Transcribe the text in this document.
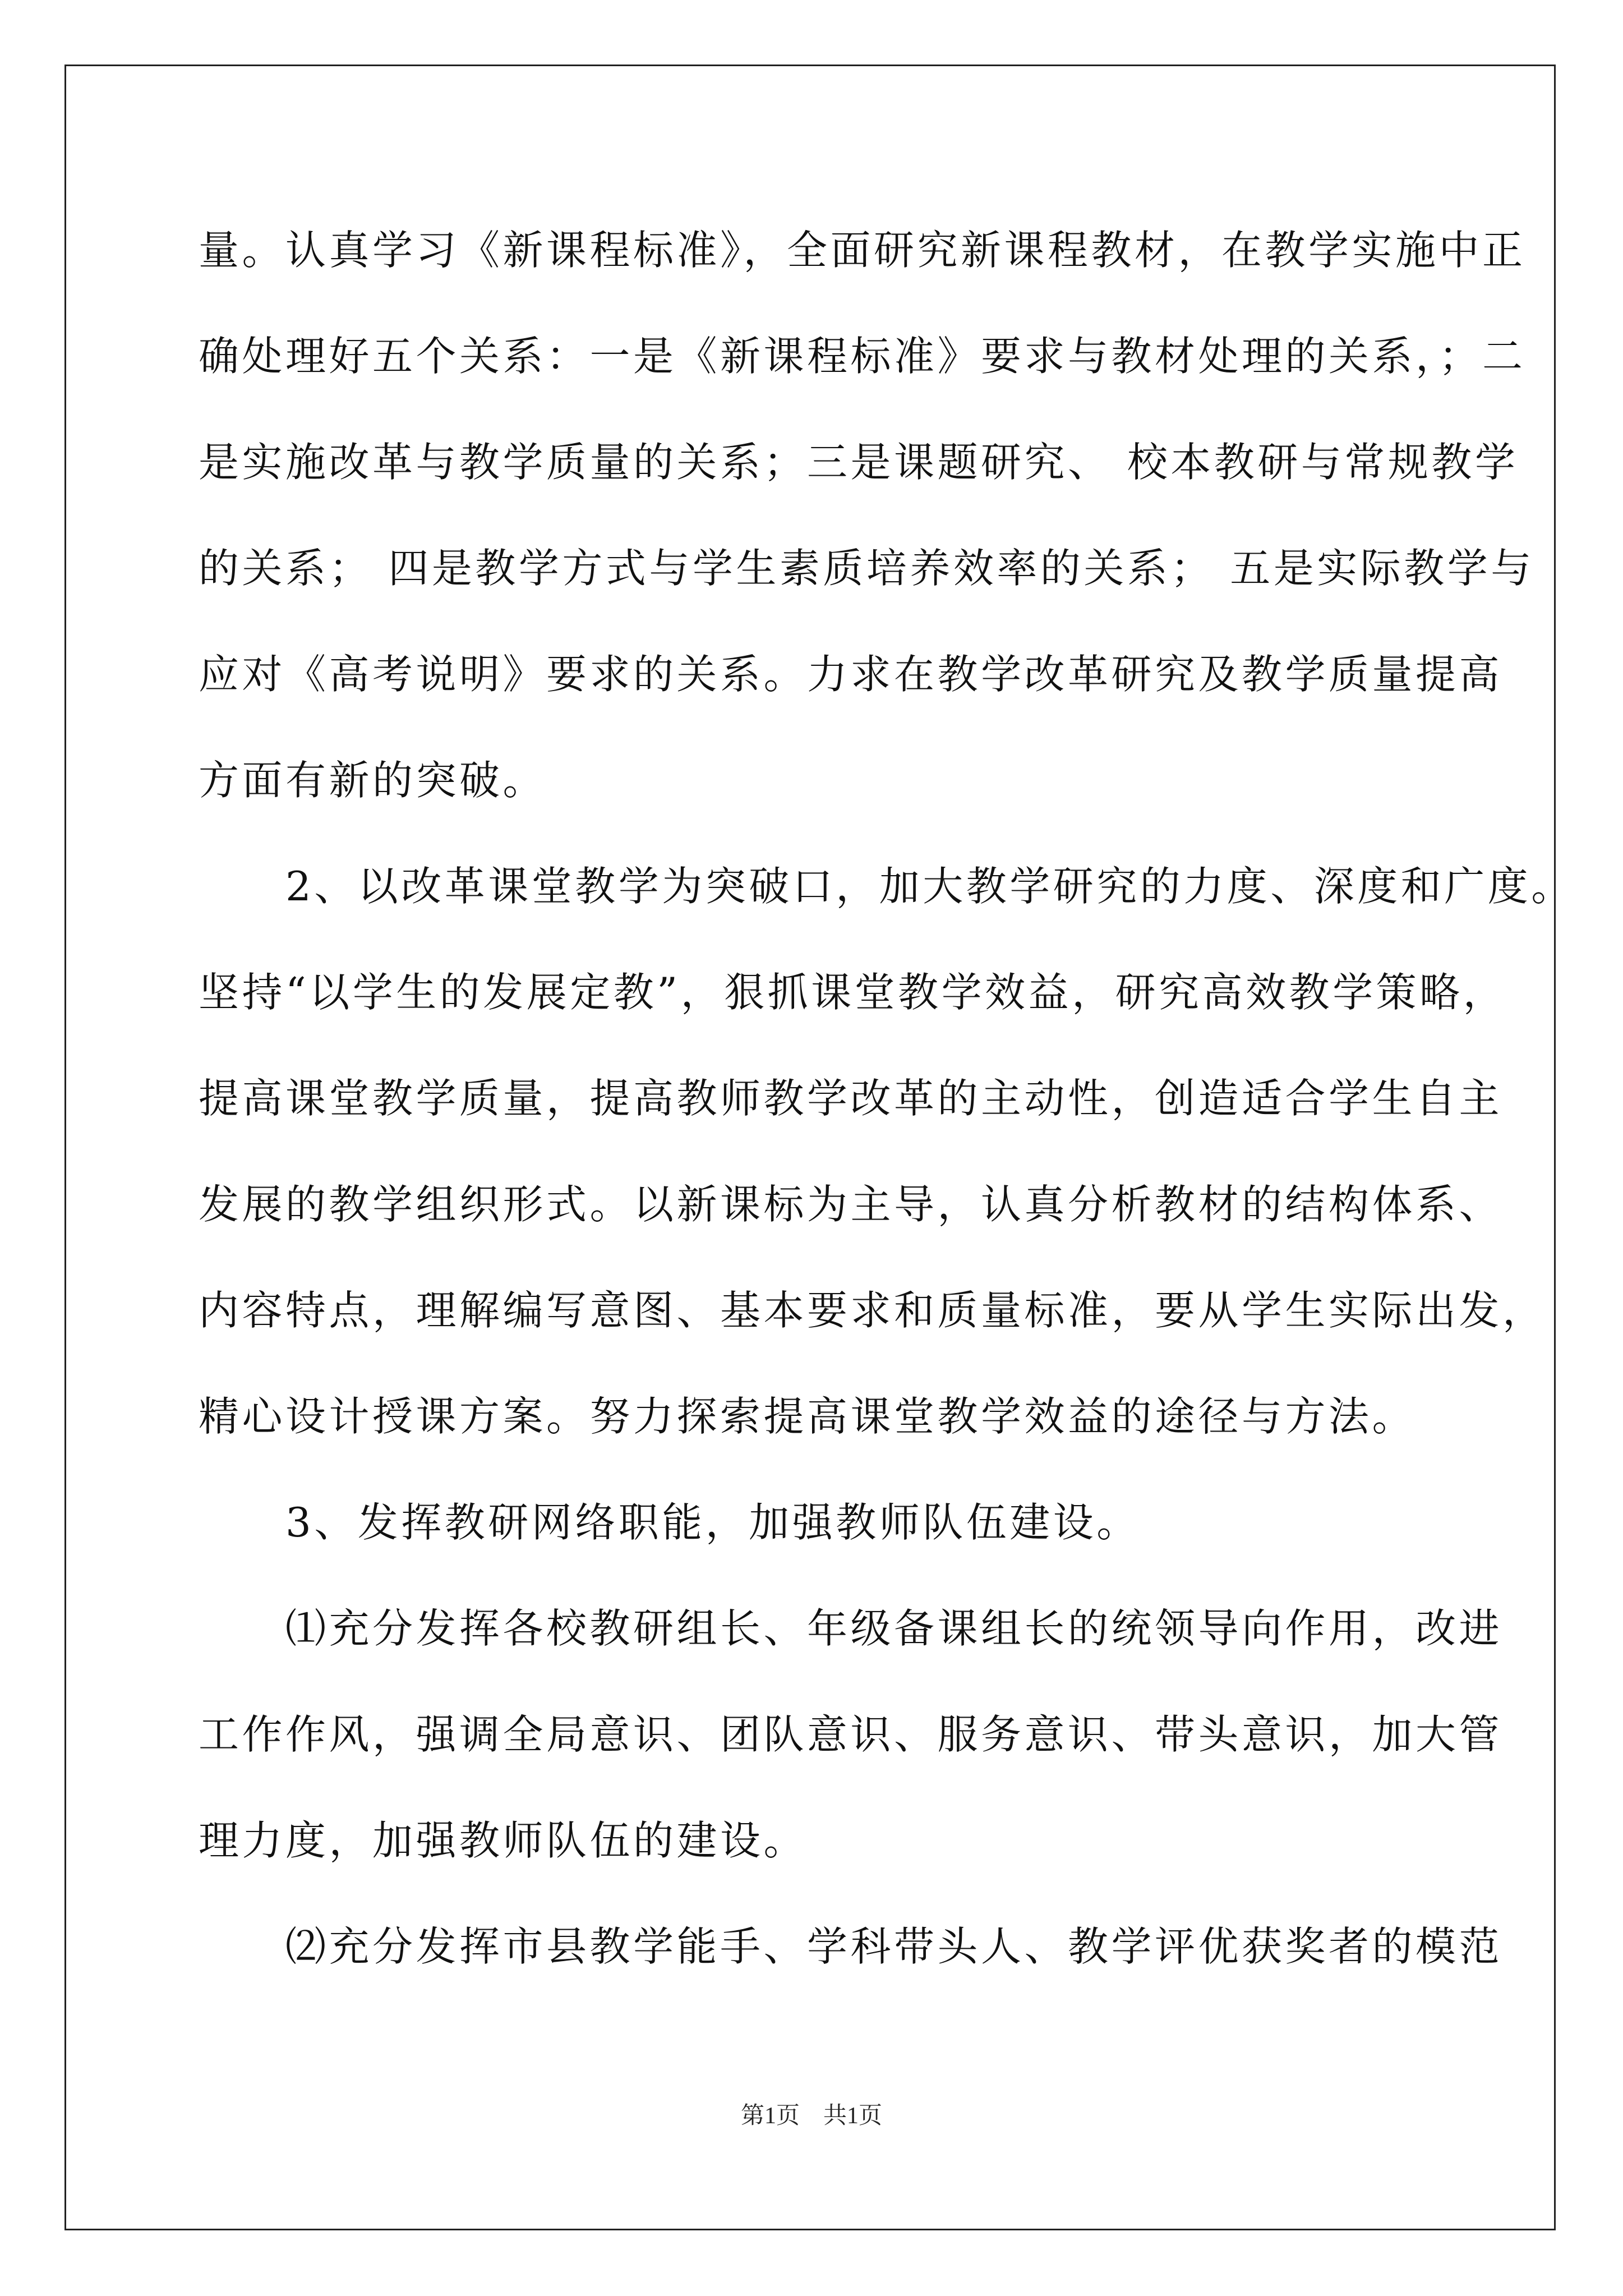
量。认真学习《新课程标准》，全面研究新课程教材，在教学实施中正
确处理好五个关系：一是《新课程标准》要求与教材处理的关系，；二
是实施改革与教学质量的关系；三是课题研究、 校本教研与常规教学
的关系； 四是教学方式与学生素质培养效率的关系； 五是实际教学与
应对《高考说明》要求的关系。力求在教学改革研究及教学质量提高
方面有新的突破。
　　2、以改革课堂教学为突破口，加大教学研究的力度、深度和广度。
坚持“以学生的发展定教”，狠抓课堂教学效益，研究高效教学策略，
提高课堂教学质量，提高教师教学改革的主动性，创造适合学生自主
发展的教学组织形式。以新课标为主导，认真分析教材的结构体系、
内容特点，理解编写意图、基本要求和质量标准，要从学生实际出发，
精心设计授课方案。努力探索提高课堂教学效益的途径与方法。
　　3、发挥教研网络职能，加强教师队伍建设。
　　⑴充分发挥各校教研组长、年级备课组长的统领导向作用，改进
工作作风，强调全局意识、团队意识、服务意识、带头意识，加大管
理力度，加强教师队伍的建设。
　　⑵充分发挥市县教学能手、学科带头人、教学评优获奖者的模范
第1页　共1页
